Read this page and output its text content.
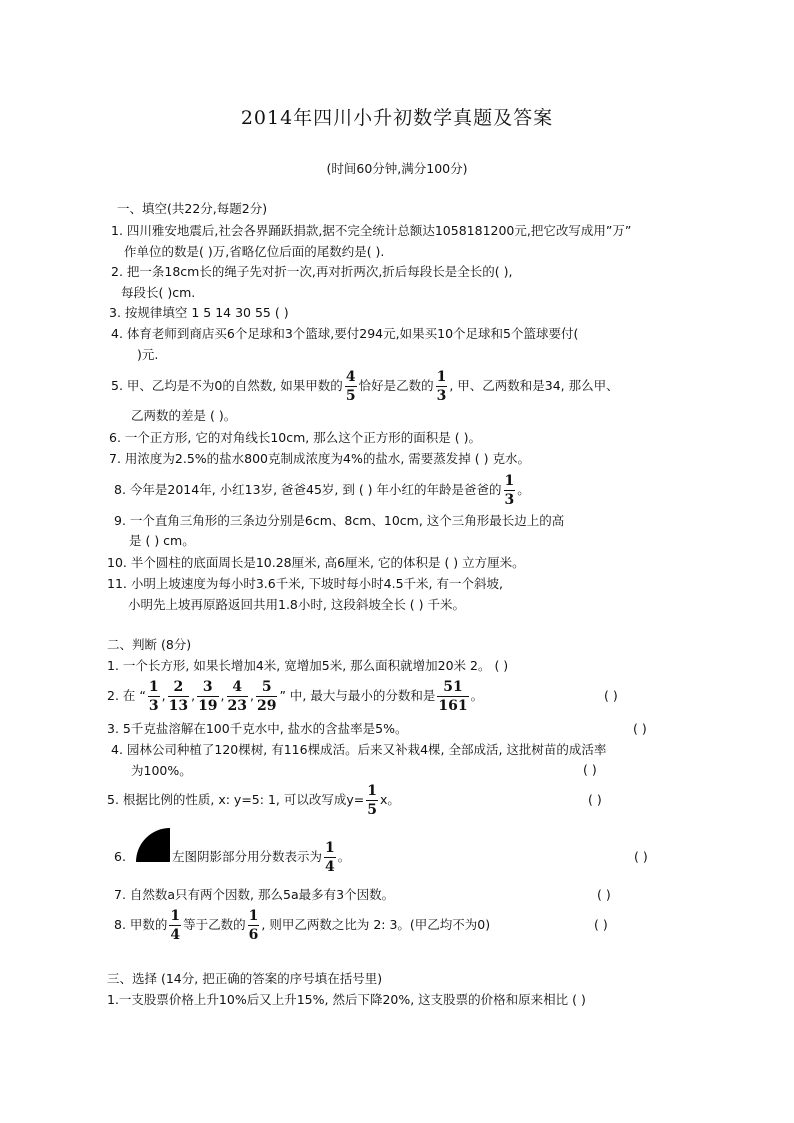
2014年四川小升初数学真题及答案
(时间60分钟,满分100分)
一、填空(共22分,每题2分)
1. 四川雅安地震后,社会各界踊跃捐款,据不完全统计总额达1058181200元,把它改写成用”万”
作单位的数是( )万,省略亿位后面的尾数约是( ).
2. 把一条18cm长的绳子先对折一次,再对折两次,折后每段长是全长的( ),
每段长( )cm.
3. 按规律填空 1 5 14 30 55 ( )
4. 体育老师到商店买6个足球和3个篮球,要付294元,如果买10个足球和5个篮球要付(
)元.
5. 甲、乙均是不为0的自然数, 如果甲数的 $\frac{4}{5}$ 恰好是乙数的 $\frac{1}{3}$ , 甲、乙两数和是34, 那么甲、
乙两数的差是 ( )。
6. 一个正方形, 它的对角线长10cm, 那么这个正方形的面积是 ( )。
7. 用浓度为2.5%的盐水800克制成浓度为4%的盐水, 需要蒸发掉 ( ) 克水。
8. 今年是2014年, 小红13岁, 爸爸45岁, 到 ( ) 年小红的年龄是爸爸的 $\frac{1}{3}$ 。
9. 一个直角三角形的三条边分别是6cm、8cm、10cm, 这个三角形最长边上的高
是 ( ) cm。
10. 半个圆柱的底面周长是10.28厘米, 高6厘米, 它的体积是 ( ) 立方厘米。
11. 小明上坡速度为每小时3.6千米, 下坡时每小时4.5千米, 有一个斜坡,
小明先上坡再原路返回共用1.8小时, 这段斜坡全长 ( ) 千米。
二、判断 (8分)
1. 一个长方形, 如果长增加4米, 宽增加5米, 那么面积就增加20米 2。 ( )
2. 在 “ $\frac{1}{3}$ , $\frac{2}{13}$ , $\frac{3}{19}$ , $\frac{4}{23}$ , $\frac{5}{29}$ ” 中, 最大与最小的分数和是 $\frac{51}{161}$ 。	( )
3. 5千克盐溶解在100千克水中, 盐水的含盐率是5%。	( )
4. 园林公司种植了120棵树, 有116棵成活。后来又补栽4棵, 全部成活, 这批树苗的成活率
为100%。	( )
5. 根据比例的性质, x: y=5: 1, 可以改写成$y= \frac{1}{5}$ x。	( )
6.	左图阴影部分用分数表示为 $\frac{1}{4}$ 。	( )
7. 自然数a只有两个因数, 那么5a最多有3个因数。	( )
8. 甲数的 $\frac{1}{4}$ 等于乙数的 $\frac{1}{6}$ , 则甲乙两数之比为 2: 3。(甲乙均不为0)	( )
三、选择 (14分, 把正确的答案的序号填在括号里)
1.一支股票价格上升10%后又上升15%, 然后下降20%, 这支股票的价格和原来相比 ( )
